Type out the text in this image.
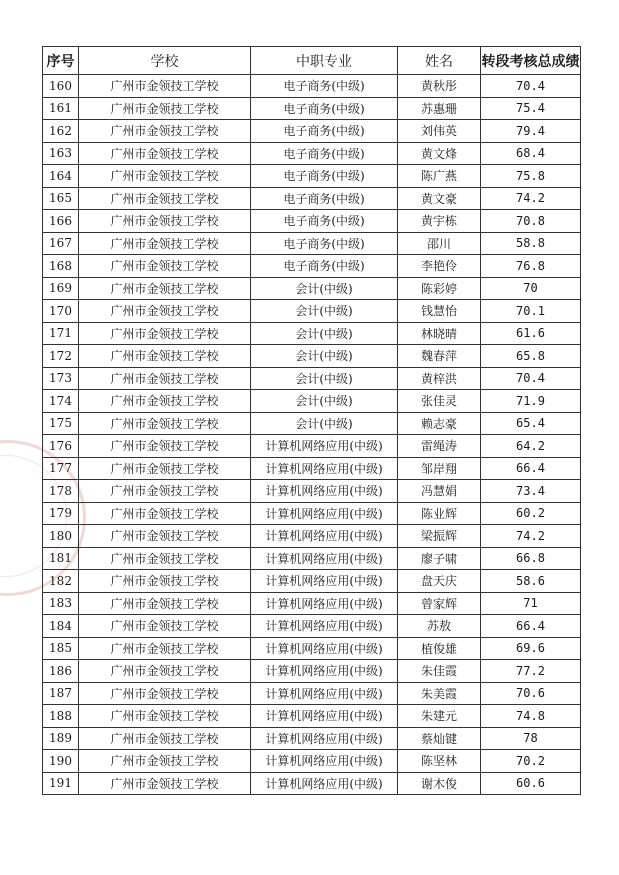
序号	学校	中职专业	姓名	转段考核总成绩
160	广州市金领技工学校	电子商务(中级)	黄秋彤	70.4
161	广州市金领技工学校	电子商务(中级)	苏惠珊	75.4
162	广州市金领技工学校	电子商务(中级)	刘伟英	79.4
163	广州市金领技工学校	电子商务(中级)	黄文烽	68.4
164	广州市金领技工学校	电子商务(中级)	陈广燕	75.8
165	广州市金领技工学校	电子商务(中级)	黄文豪	74.2
166	广州市金领技工学校	电子商务(中级)	黄宇栋	70.8
167	广州市金领技工学校	电子商务(中级)	邵川	58.8
168	广州市金领技工学校	电子商务(中级)	李艳伶	76.8
169	广州市金领技工学校	会计(中级)	陈彩婷	70
170	广州市金领技工学校	会计(中级)	钱慧怡	70.1
171	广州市金领技工学校	会计(中级)	林晓晴	61.6
172	广州市金领技工学校	会计(中级)	魏春萍	65.8
173	广州市金领技工学校	会计(中级)	黄梓洪	70.4
174	广州市金领技工学校	会计(中级)	张佳灵	71.9
175	广州市金领技工学校	会计(中级)	赖志豪	65.4
176	广州市金领技工学校	计算机网络应用(中级)	雷绳涛	64.2
177	广州市金领技工学校	计算机网络应用(中级)	邹岸翔	66.4
178	广州市金领技工学校	计算机网络应用(中级)	冯慧娟	73.4
179	广州市金领技工学校	计算机网络应用(中级)	陈业辉	60.2
180	广州市金领技工学校	计算机网络应用(中级)	梁振辉	74.2
181	广州市金领技工学校	计算机网络应用(中级)	廖子啸	66.8
182	广州市金领技工学校	计算机网络应用(中级)	盘天庆	58.6
183	广州市金领技工学校	计算机网络应用(中级)	曾家辉	71
184	广州市金领技工学校	计算机网络应用(中级)	苏敖	66.4
185	广州市金领技工学校	计算机网络应用(中级)	植俊雄	69.6
186	广州市金领技工学校	计算机网络应用(中级)	朱佳霞	77.2
187	广州市金领技工学校	计算机网络应用(中级)	朱美霞	70.6
188	广州市金领技工学校	计算机网络应用(中级)	朱建元	74.8
189	广州市金领技工学校	计算机网络应用(中级)	蔡灿键	78
190	广州市金领技工学校	计算机网络应用(中级)	陈坚林	70.2
191	广州市金领技工学校	计算机网络应用(中级)	谢木俊	60.6
